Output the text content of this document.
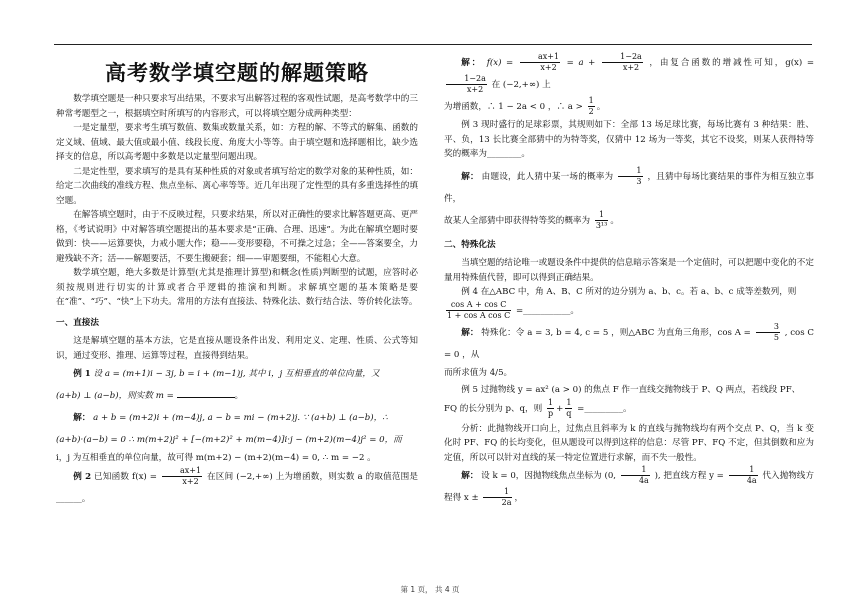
高考数学填空题的解题策略

数学填空题是一种只要求写出结果，不要求写出解答过程的客观性试题，是高考数学中的三种常考题型之一，根据填空时所填写的内容形式，可以将填空题分成两种类型：

一是定量型，要求考生填写数值、数集或数量关系，如：方程的解、不等式的解集、函数的定义域、值域、最大值或最小值、线段长度、角度大小等等。由于填空题和选择题相比，缺少选择支的信息，所以高考题中多数是以定量型问题出现。

二是定性型，要求填写的是具有某种性质的对象或者填写给定的数学对象的某种性质，如：给定二次曲线的准线方程、焦点坐标、离心率等等。近几年出现了定性型的具有多重选择性的填空题。

在解答填空题时，由于不反映过程，只要求结果，所以对正确性的要求比解答题更高、更严格，《考试说明》中对解答填空题提出的基本要求是“正确、合理、迅速”。为此在解填空题时要做到：快——运算要快，力戒小题大作；稳——变形要稳，不可操之过急；全——答案要全，力避残缺不齐；活——解题要活，不要生搬硬套；细——审题要细，不能粗心大意。

数学填空题，绝大多数是计算型(尤其是推理计算型)和概念(性质)判断型的试题，应答时必须按规则进行切实的计算或者合乎逻辑的推演和判断。求解填空题的基本策略是要在“准”、“巧”、“快”上下功夫。常用的方法有直接法、特殊化法、数行结合法、等价转化法等。

一、直接法

这是解填空题的基本方法，它是直接从题设条件出发、利用定义、定理、性质、公式等知识，通过变形、推理、运算等过程，直接得到结果。

例 1 设 a = (m+1)i − 3j, b = i + (m−1)j, 其中 i，j 互相垂直的单位向量，又

(a+b) ⊥ (a−b)，则实数 m =	。

解： a + b = (m+2)i + (m−4)j, a − b = mi − (m+2)j. ∵ (a+b) ⊥ (a−b)，∴

(a+b)·(a−b) = 0 ∴ m(m+2)j² + [−(m+2)² + m(m−4)]i·j − (m+2)(m−4)j² = 0，而

i，j 为互相垂直的单位向量，故可得 m(m+2) − (m+2)(m−4) = 0, ∴ m = −2 。

例 2 已知函数 $f(x) = \frac{ax+1}{x+2}$ 在区间 (−2,+∞) 上为增函数，则实数 a 的取值范围是______。

解： $f(x) = \frac{ax+1}{x+2} = a + \frac{1-2a}{x+2}$ ，由复合函数的增减性可知，g(x) =
$\frac{1-2a}{x+2}$ 在 (−2,+∞) 上

为增函数，∴ 1 − 2a < 0 ，∴ $a > \frac{1}{2}$ 。

例 3 现时盛行的足球彩票，其规则如下：全部 13 场足球比赛，每场比赛有 3 种结果：胜、平、负，13 长比赛全部猜中的为特等奖，仅猜中 12 场为一等奖，其它不设奖，则某人获得特等奖的概率为________。

解： 由题设，此人猜中某一场的概率为 $\frac{1}{3}$ ，且猜中每场比赛结果的事件为相互独立事件，

故某人全部猜中即获得特等奖的概率为 $\frac{1}{\text{3¹³}}$ 。

二、特殊化法

当填空题的结论唯一或题设条件中提供的信息暗示答案是一个定值时，可以把题中变化的不定量用特殊值代替，即可以得到正确结果。

例 4 在△ABC 中，角 A、B、C 所对的边分别为 a、b、c。若 a、b、c 成等差数列，则

$\frac{\text{cos A + cos C}}{\text{1 + cos A cos C}}$ =___________。

解： 特殊化：令 a = 3, b = 4, c = 5 ，则△ABC 为直角三角形，$\cos A = \frac{3}{5}$ , cos C = 0 ，从

而所求值为 4/5。

例 5 过抛物线 y = ax² (a > 0) 的焦点 F 作一直线交抛物线于 P、Q 两点，若线段 PF、

FQ 的长分别为 p、q，则 $\frac{1}{p} + \frac{1}{q}$ =_________。

分析：此抛物线开口向上，过焦点且斜率为 k 的直线与抛物线均有两个交点 P、Q，当 k 变化时 PF、FQ 的长均变化，但从题设可以得到这样的信息：尽管 PF、FQ 不定，但其倒数和应为定值，所以可以针对直线的某一特定位置进行求解，而不失一般性。

解： 设 k = 0，因抛物线焦点坐标为 (0, $\frac{1}{4a}$ ), 把直线方程 $y = \frac{1}{4a}$ 代入抛物线方程得 $x \pm \frac{1}{2a}$ ，

第 1 页， 共 4 页
